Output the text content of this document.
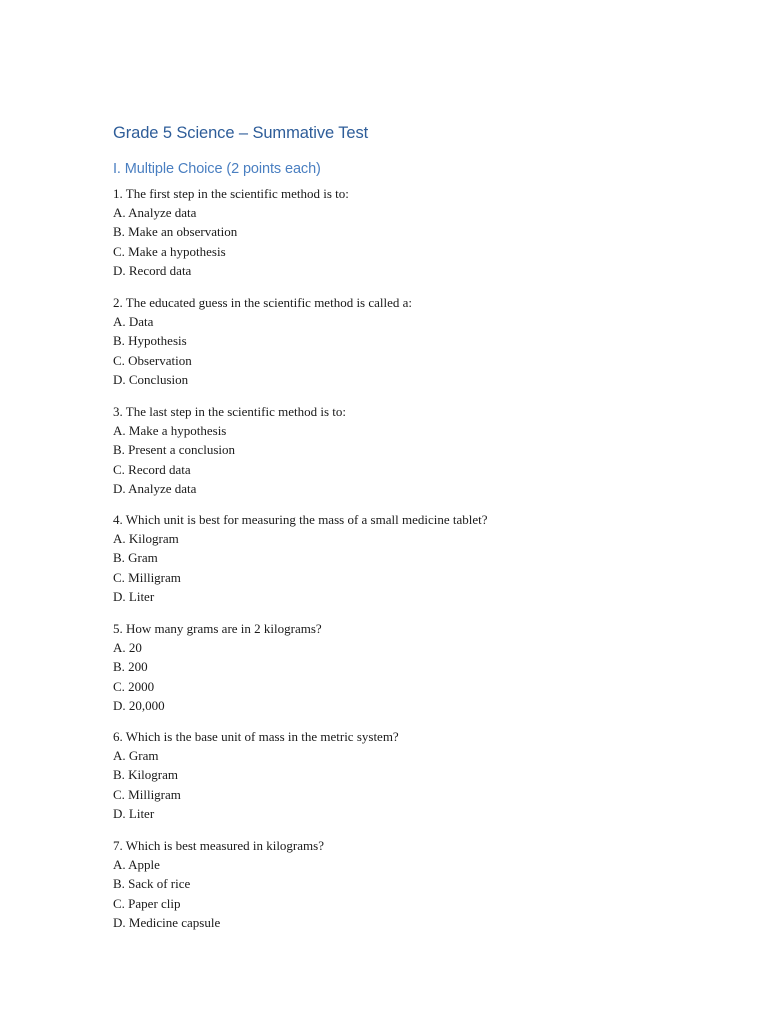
Grade 5 Science – Summative Test
I. Multiple Choice (2 points each)
1. The first step in the scientific method is to:
A. Analyze data
B. Make an observation
C. Make a hypothesis
D. Record data
2. The educated guess in the scientific method is called a:
A. Data
B. Hypothesis
C. Observation
D. Conclusion
3. The last step in the scientific method is to:
A. Make a hypothesis
B. Present a conclusion
C. Record data
D. Analyze data
4. Which unit is best for measuring the mass of a small medicine tablet?
A. Kilogram
B. Gram
C. Milligram
D. Liter
5. How many grams are in 2 kilograms?
A. 20
B. 200
C. 2000
D. 20,000
6. Which is the base unit of mass in the metric system?
A. Gram
B. Kilogram
C. Milligram
D. Liter
7. Which is best measured in kilograms?
A. Apple
B. Sack of rice
C. Paper clip
D. Medicine capsule
